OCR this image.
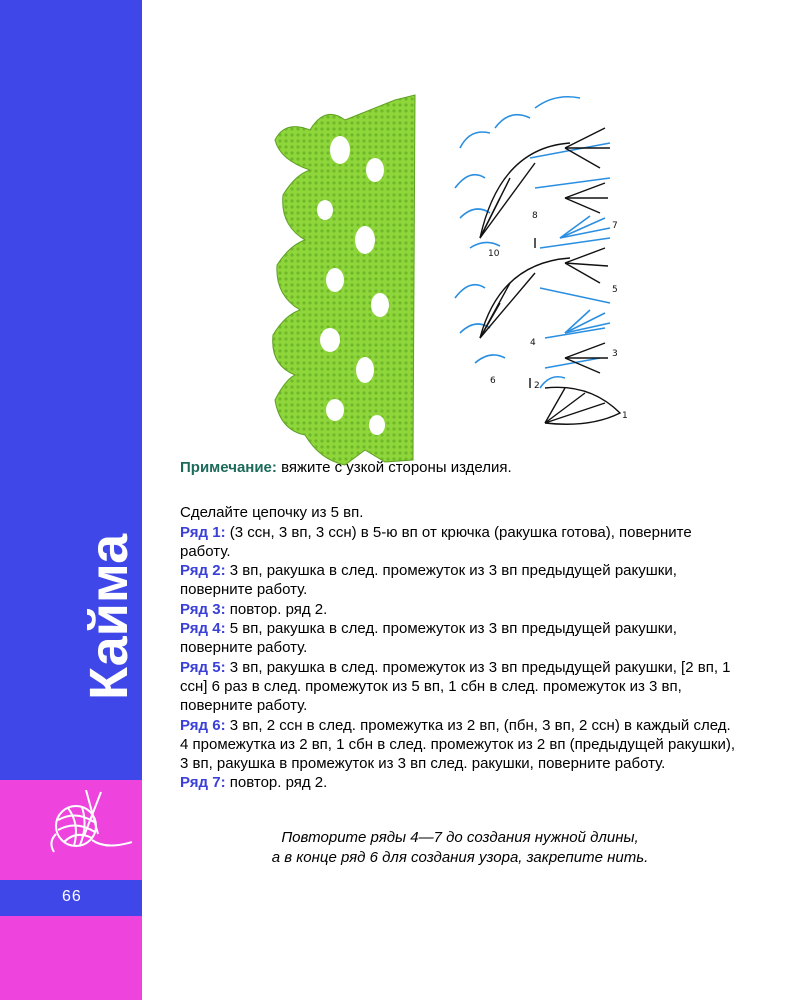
Кайма
66
1
2
3
4
5
6
7
8
10

Примечание: вяжите с узкой стороны изделия.

Сделайте цепочку из 5 вп.

Ряд 1: (3 ссн, 3 вп, 3 ссн) в 5-ю вп от крючка (ракушка готова), поверните работу.

Ряд 2: 3 вп, ракушка в след. промежуток из 3 вп предыдущей ракушки, поверните работу.

Ряд 3: повтор. ряд 2.

Ряд 4: 5 вп, ракушка в след. промежуток из 3 вп предыдущей ракушки, поверните работу.

Ряд 5: 3 вп, ракушка в след. промежуток из 3 вп предыдущей ракушки, [2 вп, 1 ссн] 6 раз в след. промежуток из 5 вп, 1 сбн в след. промежуток из 3 вп, поверните работу.

Ряд 6: 3 вп, 2 ссн в след. промежутка из 2 вп, (пбн, 3 вп, 2 ссн) в каждый след. 4 промежутка из 2 вп, 1 сбн в след. промежуток из 2 вп (предыдущей ракушки), 3 вп, ракушка в промежуток из 3 вп след. ракушки, поверните работу.

Ряд 7: повтор. ряд 2.

Повторите ряды 4—7 до создания нужной длины,
а в конце ряд 6 для создания узора, закрепите нить.
